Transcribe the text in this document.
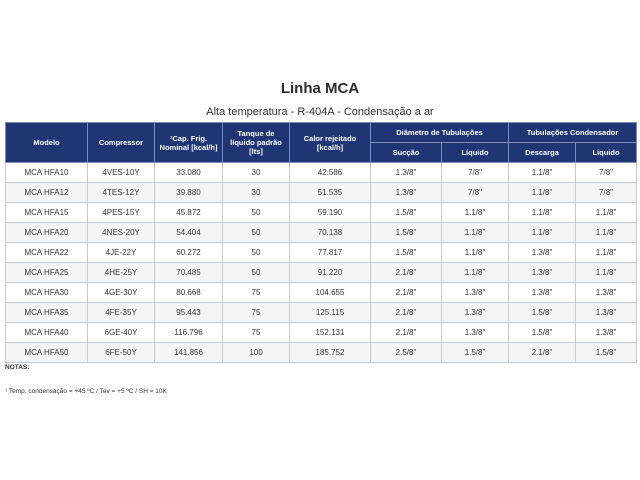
Linha MCA
Alta temperatura - R-404A - Condensação a ar
Modelo	Compressor	¹Cap. Frig. Nominal [kcal/h]	Tanque de líquido padrão [lts]	Calor rejeitado [kcal/h]	Diâmetro de Tubulações		Tubulações Condensador	
					Sucção	Líquido	Descarga	Líquido
MCA HFA10	4VES-10Y	33.080	30	42.586	1.3/8"	7/8"	1.1/8"	7/8"
MCA HFA12	4TES-12Y	39.880	30	51.535	1.3/8"	7/8"	1.1/8"	7/8"
MCA HFA15	4PES-15Y	45.872	50	59.190	1.5/8"	1.1/8"	1.1/8"	1.1/8"
MCA HFA20	4NES-20Y	54.404	50	70.138	1.5/8"	1.1/8"	1.1/8"	1.1/8"
MCA HFA22	4JE-22Y	60.272	50	77.817	1.5/8"	1.1/8"	1.3/8"	1.1/8"
MCA HFA25	4HE-25Y	70.485	50	91.220	2.1/8"	1.1/8"	1.3/8"	1.1/8"
MCA HFA30	4GE-30Y	80.668	75	104.655	2.1/8"	1.3/8"	1.3/8"	1.3/8"
MCA HFA35	4FE-35Y	95.443	75	125.115	2.1/8"	1.3/8"	1.5/8"	1.3/8"
MCA HFA40	6GE-40Y	116.796	75	152.131	2.1/8"	1.3/8"	1.5/8"	1.3/8"
MCA HFA50	6FE-50Y	141.856	100	185.752	2.5/8"	1.5/8"	2.1/8"	1.5/8"
NOTAS:
¹ Temp. condensação = +45 ºC / Tev = +5 ºC / SH = 10K
